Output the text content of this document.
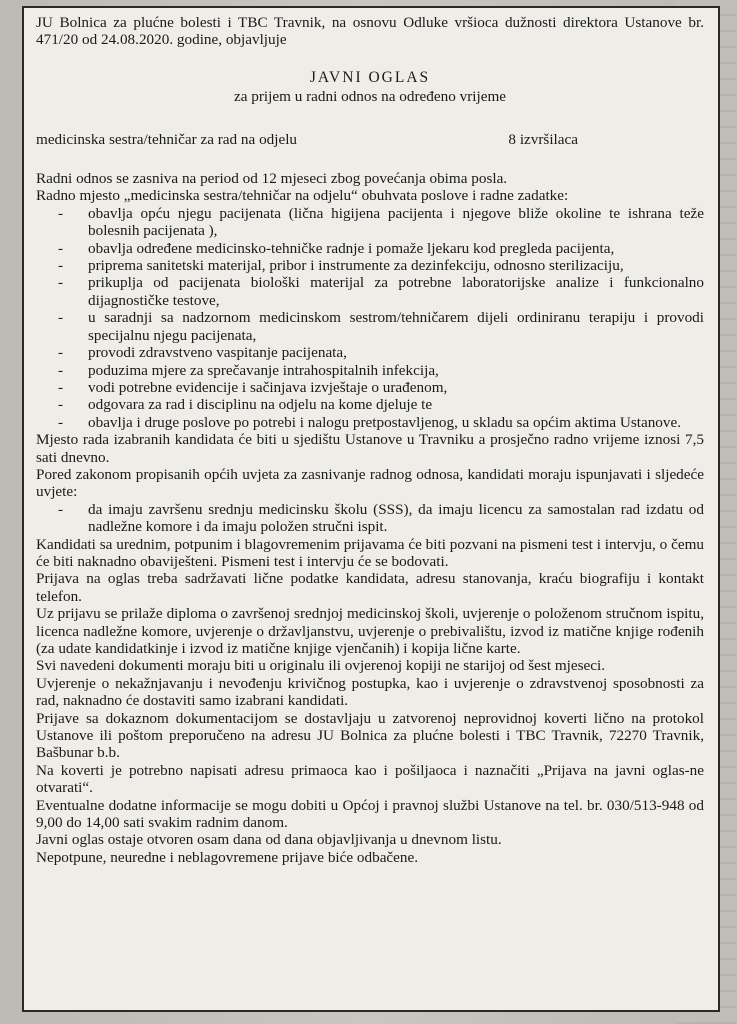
JU Bolnica za plućne bolesti i TBC Travnik, na osnovu Odluke vršioca dužnosti direktora Ustanove br. 471/20 od 24.08.2020. godine, objavljuje

JAVNI OGLAS
za prijem u radni odnos na određeno vrijeme
medicinska sestra/tehničar za rad na odjelu	8 izvršilaca

Radni odnos se zasniva na period od 12 mjeseci zbog povećanja obima posla.

Radno mjesto „medicinska sestra/tehničar na odjelu“ obuhvata poslove i radne zadatke:

- obavlja opću njegu pacijenata (lična higijena pacijenta i njegove bliže okoline te ishrana teže bolesnih pacijenata ),
- obavlja određene medicinsko-tehničke radnje i pomaže ljekaru kod pregleda pacijenta,
- priprema sanitetski materijal, pribor i instrumente za dezinfekciju, odnosno sterilizaciju,
- prikuplja od pacijenata biološki materijal za potrebne laboratorijske analize i funkcionalno dijagnostičke testove,
- u saradnji sa nadzornom medicinskom sestrom/tehničarem dijeli ordiniranu terapiju i provodi specijalnu njegu pacijenata,
- provodi zdravstveno vaspitanje pacijenata,
- poduzima mjere za sprečavanje intrahospitalnih infekcija,
- vodi potrebne evidencije i sačinjava izvještaje o urađenom,
- odgovara za rad i disciplinu na odjelu na kome djeluje te
- obavlja i druge poslove po potrebi i nalogu pretpostavljenog, u skladu sa općim aktima Ustanove.

Mjesto rada izabranih kandidata će biti u sjedištu Ustanove u Travniku a prosječno radno vrijeme iznosi 7,5 sati dnevno.

Pored zakonom propisanih općih uvjeta za zasnivanje radnog odnosa, kandidati moraju ispunjavati i sljedeće uvjete:

- da imaju završenu srednju medicinsku školu (SSS), da imaju licencu za samostalan rad izdatu od nadležne komore i da imaju položen stručni ispit.

Kandidati sa urednim, potpunim i blagovremenim prijavama će biti pozvani na pismeni test i intervju, o čemu će biti naknadno obaviješteni. Pismeni test i intervju će se bodovati.

Prijava na oglas treba sadržavati lične podatke kandidata, adresu stanovanja, kraću biografiju i kontakt telefon.

Uz prijavu se prilaže diploma o završenoj srednjoj medicinskoj školi, uvjerenje o položenom stručnom ispitu, licenca nadležne komore, uvjerenje o državljanstvu, uvjerenje o prebivalištu, izvod iz matične knjige rođenih (za udate kandidatkinje i izvod iz matične knjige vjenčanih) i kopija lične karte.

Svi navedeni dokumenti moraju biti u originalu ili ovjerenoj kopiji ne starijoj od šest mjeseci.

Uvjerenje o nekažnjavanju i nevođenju krivičnog postupka, kao i uvjerenje o zdravstvenoj sposobnosti za rad, naknadno će dostaviti samo izabrani kandidati.

Prijave sa dokaznom dokumentacijom se dostavljaju u zatvorenoj neprovidnoj koverti lično na protokol Ustanove ili poštom preporučeno na adresu JU Bolnica za plućne bolesti i TBC Travnik, 72270 Travnik, Bašbunar b.b.

Na koverti je potrebno napisati adresu primaoca kao i pošiljaoca i naznačiti „Prijava na javni oglas-ne otvarati“.

Eventualne dodatne informacije se mogu dobiti u Općoj i pravnoj službi Ustanove na tel. br. 030/513-948 od 9,00 do 14,00 sati svakim radnim danom.

Javni oglas ostaje otvoren osam dana od dana objavljivanja u dnevnom listu.

Nepotpune, neuredne i neblagovremene prijave biće odbačene.
